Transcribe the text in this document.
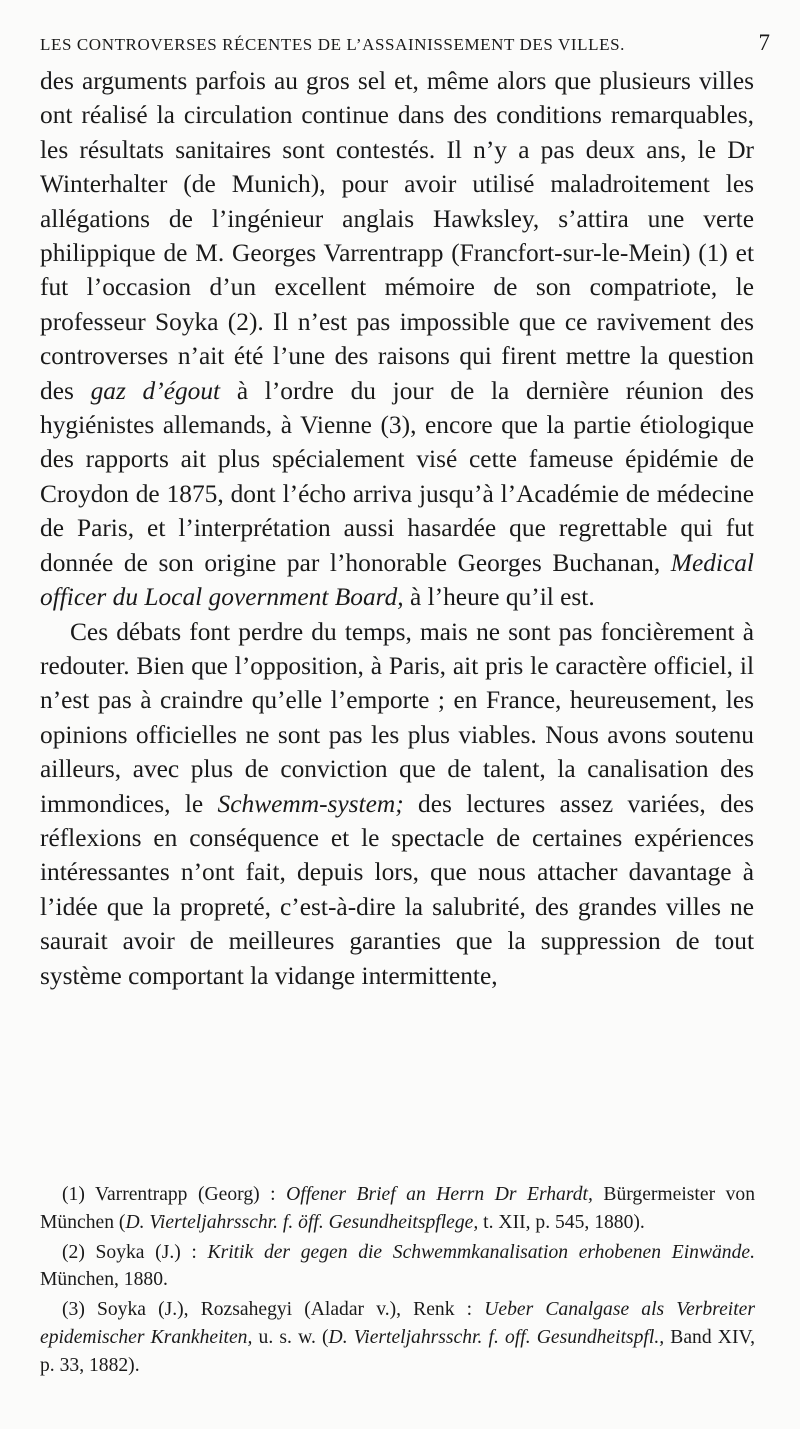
LES CONTROVERSES RÉCENTES DE L’ASSAINISSEMENT DES VILLES.	7

des arguments parfois au gros sel et, même alors que plusieurs villes ont réalisé la circulation continue dans des conditions remarquables, les résultats sanitaires sont contestés. Il n’y a pas deux ans, le Dr Winterhalter (de Munich), pour avoir utilisé maladroitement les allégations de l’ingénieur anglais Hawksley, s’attira une verte philippique de M. Georges Varrentrapp (Francfort-sur-le-Mein) (1) et fut l’occasion d’un excellent mémoire de son compatriote, le professeur Soyka (2). Il n’est pas impossible que ce ravivement des controverses n’ait été l’une des raisons qui firent mettre la question des gaz d’égout à l’ordre du jour de la dernière réunion des hygiénistes allemands, à Vienne (3), encore que la partie étiologique des rapports ait plus spécialement visé cette fameuse épidémie de Croydon de 1875, dont l’écho arriva jusqu’à l’Académie de médecine de Paris, et l’interprétation aussi hasardée que regrettable qui fut donnée de son origine par l’honorable Georges Buchanan, Medical officer du Local government Board, à l’heure qu’il est.

Ces débats font perdre du temps, mais ne sont pas foncièrement à redouter. Bien que l’opposition, à Paris, ait pris le caractère officiel, il n’est pas à craindre qu’elle l’emporte ; en France, heureusement, les opinions officielles ne sont pas les plus viables. Nous avons soutenu ailleurs, avec plus de conviction que de talent, la canalisation des immondices, le Schwemm-system; des lectures assez variées, des réflexions en conséquence et le spectacle de certaines expériences intéressantes n’ont fait, depuis lors, que nous attacher davantage à l’idée que la propreté, c’est-à-dire la salubrité, des grandes villes ne saurait avoir de meilleures garanties que la suppression de tout système comportant la vidange intermittente,

(1) Varrentrapp (Georg) : Offener Brief an Herrn Dr Erhardt, Bürgermeister von München (D. Vierteljahrsschr. f. öff. Gesundheitspflege, t. XII, p. 545, 1880).

(2) Soyka (J.) : Kritik der gegen die Schwemmkanalisation erhobenen Einwände. München, 1880.

(3) Soyka (J.), Rozsahegyi (Aladar v.), Renk : Ueber Canalgase als Verbreiter epidemischer Krankheiten, u. s. w. (D. Vierteljahrsschr. f. off. Gesundheitspfl., Band XIV, p. 33, 1882).
